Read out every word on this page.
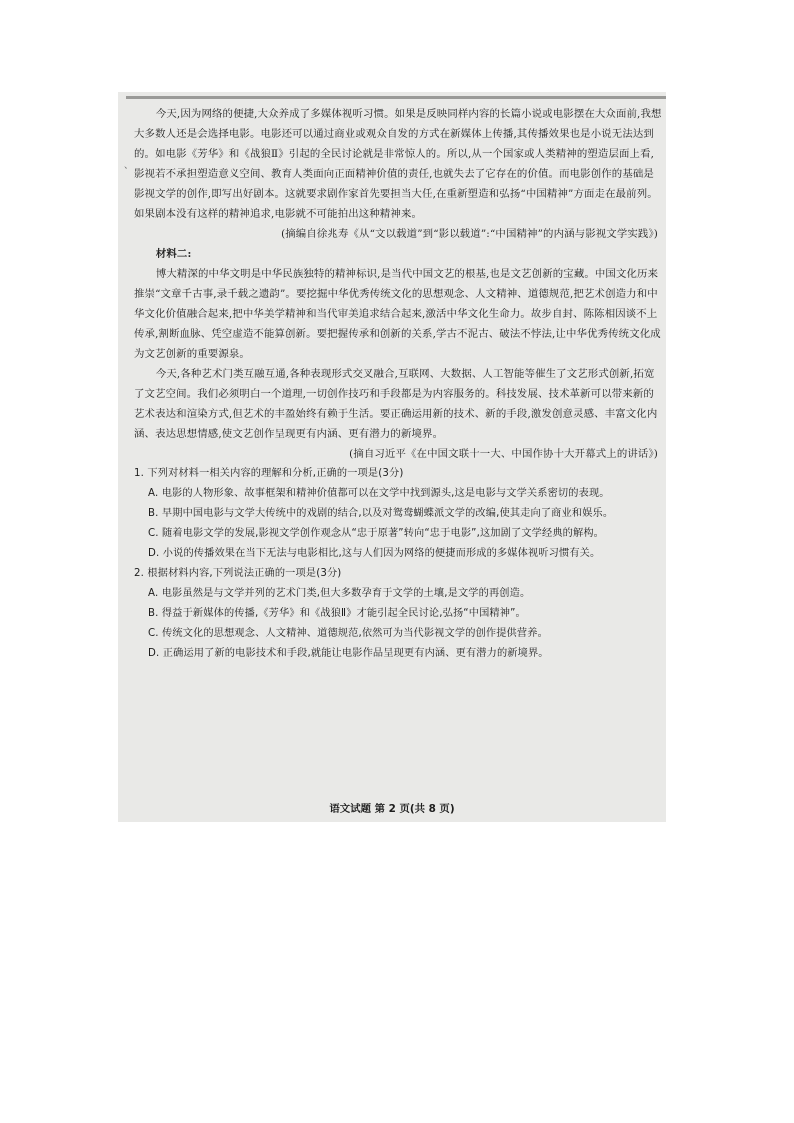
、

今天,因为网络的便捷,大众养成了多媒体视听习惯。如果是反映同样内容的长篇小说或电影摆在大众面前,我想大多数人还是会选择电影。电影还可以通过商业或观众自发的方式在新媒体上传播,其传播效果也是小说无法达到的。如电影《芳华》和《战狼Ⅱ》引起的全民讨论就是非常惊人的。所以,从一个国家或人类精神的塑造层面上看,影视若不承担塑造意义空间、教育人类面向正面精神价值的责任,也就失去了它存在的价值。而电影创作的基础是影视文学的创作,即写出好剧本。这就要求剧作家首先要担当大任,在重新塑造和弘扬“中国精神”方面走在最前列。如果剧本没有这样的精神追求,电影就不可能拍出这种精神来。

(摘编自徐兆寿《从“文以载道”到“影以载道”:“中国精神”的内涵与影视文学实践》)

材料二:

博大精深的中华文明是中华民族独特的精神标识,是当代中国文艺的根基,也是文艺创新的宝藏。中国文化历来推崇“文章千古事,录千载之遗韵”。要挖掘中华优秀传统文化的思想观念、人文精神、道德规范,把艺术创造力和中华文化价值融合起来,把中华美学精神和当代审美追求结合起来,激活中华文化生命力。故步自封、陈陈相因谈不上传承,割断血脉、凭空虚造不能算创新。要把握传承和创新的关系,学古不泥古、破法不悖法,让中华优秀传统文化成为文艺创新的重要源泉。

今天,各种艺术门类互融互通,各种表现形式交叉融合,互联网、大数据、人工智能等催生了文艺形式创新,拓宽了文艺空间。我们必须明白一个道理,一切创作技巧和手段都是为内容服务的。科技发展、技术革新可以带来新的艺术表达和渲染方式,但艺术的丰盈始终有赖于生活。要正确运用新的技术、新的手段,激发创意灵感、丰富文化内涵、表达思想情感,使文艺创作呈现更有内涵、更有潜力的新境界。

(摘自习近平《在中国文联十一大、中国作协十大开幕式上的讲话》)

1. 下列对材料一相关内容的理解和分析,正确的一项是(3分)

A. 电影的人物形象、故事框架和精神价值都可以在文学中找到源头,这是电影与文学关系密切的表现。

B. 早期中国电影与文学大传统中的戏剧的结合,以及对鸳鸯蝴蝶派文学的改编,使其走向了商业和娱乐。

C. 随着电影文学的发展,影视文学创作观念从“忠于原著”转向“忠于电影”,这加剧了文学经典的解构。

D. 小说的传播效果在当下无法与电影相比,这与人们因为网络的便捷而形成的多媒体视听习惯有关。

2. 根据材料内容,下列说法正确的一项是(3分)

A. 电影虽然是与文学并列的艺术门类,但大多数孕育于文学的土壤,是文学的再创造。

B. 得益于新媒体的传播,《芳华》和《战狼Ⅱ》才能引起全民讨论,弘扬“中国精神”。

C. 传统文化的思想观念、人文精神、道德规范,依然可为当代影视文学的创作提供营养。

D. 正确运用了新的电影技术和手段,就能让电影作品呈现更有内涵、更有潜力的新境界。

语文试题 第 2 页(共 8 页)
